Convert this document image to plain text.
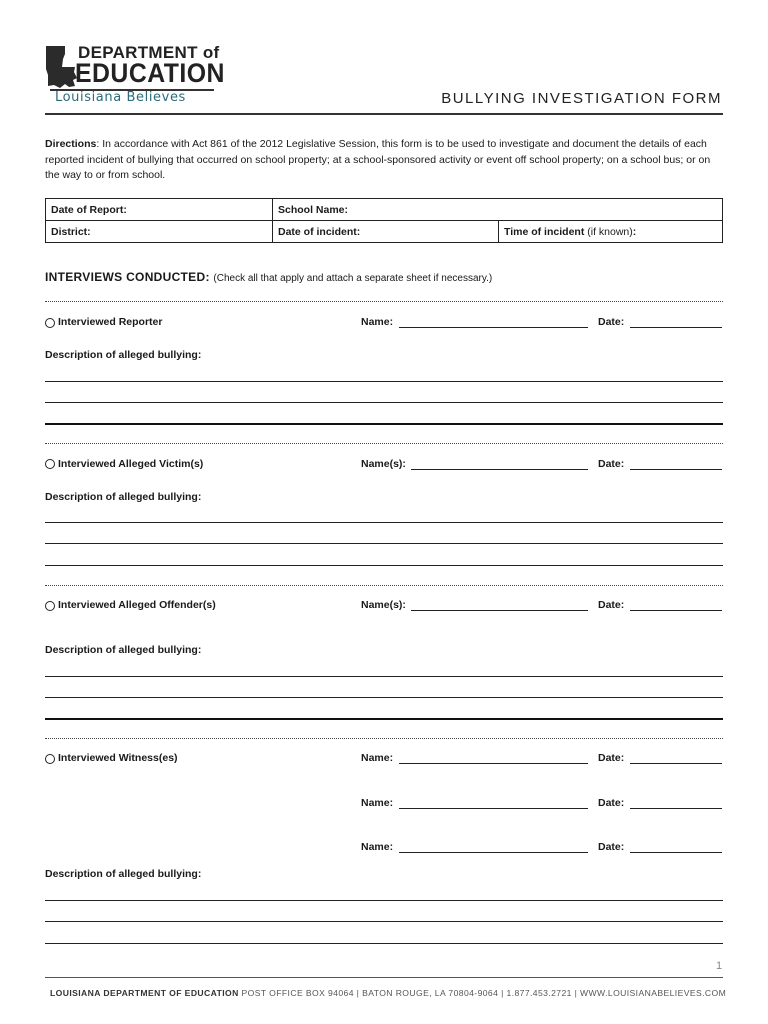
DEPARTMENT of
EDUCATION
Louisiana Believes	BULLYING INVESTIGATION FORM
Directions: In accordance with Act 861 of the 2012 Legislative Session, this form is to be used to investigate and document the details of each reported incident of bullying that occurred on school property; at a school-sponsored activity or event off school property; on a school bus; or on the way to or from school.
Date of Report:	School Name:	
District:	Date of incident:	Time of incident (if known):
INTERVIEWS CONDUCTED: (Check all that apply and attach a separate sheet if necessary.)
Interviewed Reporter	Name:	Date:
Description of alleged bullying:
Interviewed Alleged Victim(s)	Name(s):	Date:
Description of alleged bullying:
Interviewed Alleged Offender(s)	Name(s):	Date:
Description of alleged bullying:
Interviewed Witness(es)	Name:	Date:
Name:	Date:
Name:	Date:
Description of alleged bullying:
1
LOUISIANA DEPARTMENT OF EDUCATION POST OFFICE BOX 94064 | BATON ROUGE, LA 70804-9064 | 1.877.453.2721 | WWW.LOUISIANABELIEVES.COM
